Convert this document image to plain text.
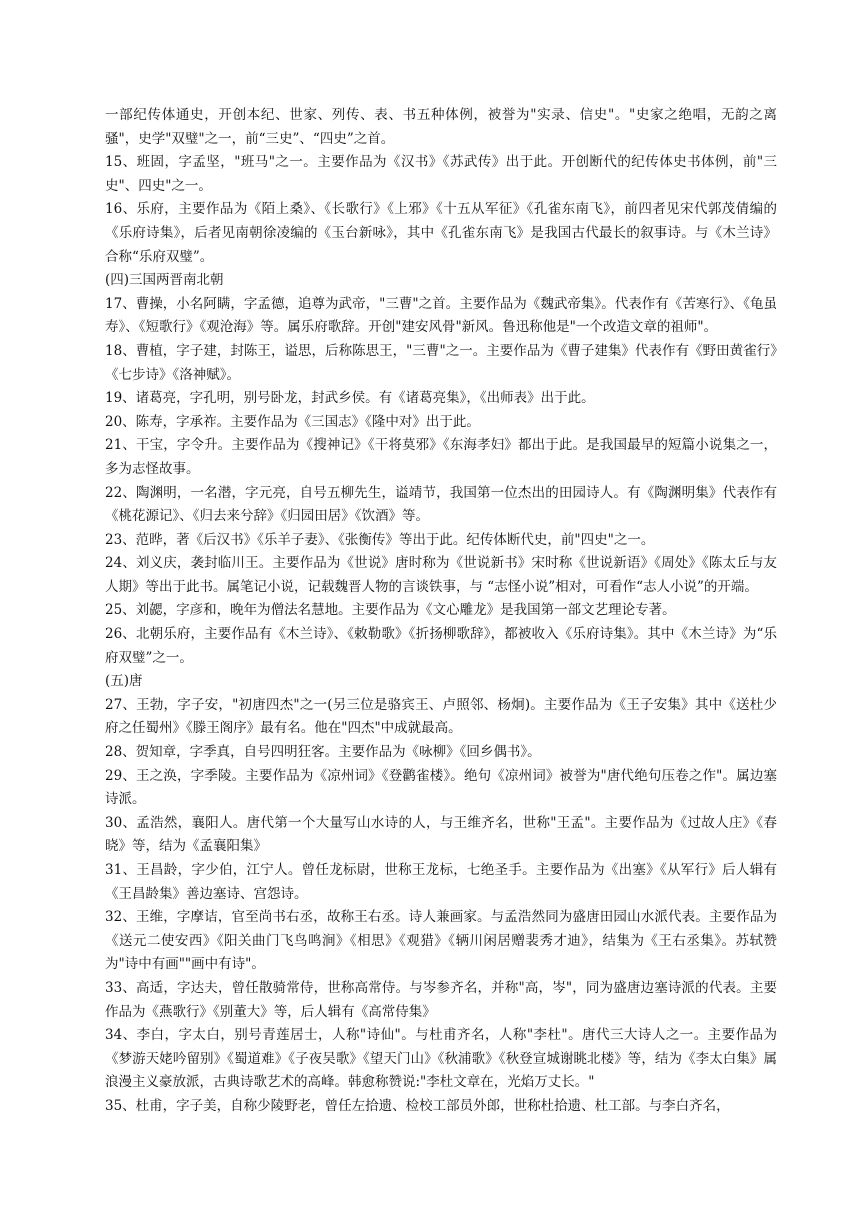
一部纪传体通史，开创本纪、世家、列传、表、书五种体例，被誉为"实录、信史"。"史家之绝唱，无韵之离骚"，史学"双璧"之一，前“三史”、“四史”之首。

15、班固，字孟坚，"班马"之一。主要作品为《汉书》《苏武传》出于此。开创断代的纪传体史书体例，前"三史"、四史"之一。

16、乐府，主要作品为《陌上桑》、《长歌行》《上邪》《十五从军征》《孔雀东南飞》，前四者见宋代郭茂倩编的《乐府诗集》，后者见南朝徐凌编的《玉台新咏》，其中《孔雀东南飞》是我国古代最长的叙事诗。与《木兰诗》合称“乐府双璧”。

(四)三国两晋南北朝

17、曹操，小名阿瞒，字孟德，追尊为武帝，"三曹"之首。主要作品为《魏武帝集》。代表作有《苦寒行》、《龟虽寿》、《短歌行》《观沧海》等。属乐府歌辞。开创"建安风骨"新风。鲁迅称他是"一个改造文章的祖师"。

18、曹植，字子建，封陈王，谥思，后称陈思王，"三曹"之一。主要作品为《曹子建集》代表作有《野田黄雀行》《七步诗》《洛神赋》。

19、诸葛亮，字孔明，别号卧龙，封武乡侯。有《诸葛亮集》，《出师表》出于此。

20、陈寿，字承祚。主要作品为《三国志》《隆中对》出于此。

21、干宝，字令升。主要作品为《搜神记》《干将莫邪》《东海孝妇》都出于此。是我国最早的短篇小说集之一，多为志怪故事。

22、陶渊明，一名潜，字元亮，自号五柳先生，谥靖节，我国第一位杰出的田园诗人。有《陶渊明集》代表作有《桃花源记》、《归去来兮辞》《归园田居》《饮酒》等。

23、范晔，著《后汉书》《乐羊子妻》、《张衡传》等出于此。纪传体断代史，前"四史"之一。

24、刘义庆，袭封临川王。主要作品为《世说》唐时称为《世说新书》宋时称《世说新语》《周处》《陈太丘与友人期》等出于此书。属笔记小说，记载魏晋人物的言谈铁事，与 “志怪小说”相对，可看作“志人小说”的开端。

25、刘勰，字彦和，晚年为僧法名慧地。主要作品为《文心雕龙》是我国第一部文艺理论专著。

26、北朝乐府，主要作品有《木兰诗》、《敕勒歌》《折扬柳歌辞》，都被收入《乐府诗集》。其中《木兰诗》为“乐府双璧”之一。

(五)唐

27、王勃，字子安，"初唐四杰"之一(另三位是骆宾王、卢照邻、杨炯)。主要作品为《王子安集》其中《送杜少府之任蜀州》《滕王阁序》最有名。他在"四杰"中成就最高。

28、贺知章，字季真，自号四明狂客。主要作品为《咏柳》《回乡偶书》。

29、王之涣，字季陵。主要作品为《凉州词》《登鹳雀楼》。绝句《凉州词》被誉为"唐代绝句压卷之作"。属边塞诗派。

30、孟浩然，襄阳人。唐代第一个大量写山水诗的人，与王维齐名，世称"王孟"。主要作品为《过故人庄》《春晓》等，结为《孟襄阳集》

31、王昌龄，字少伯，江宁人。曾任龙标尉，世称王龙标，七绝圣手。主要作品为《出塞》《从军行》后人辑有《王昌龄集》善边塞诗、宫怨诗。

32、王维，字摩诘，官至尚书右丞，故称王右丞。诗人兼画家。与孟浩然同为盛唐田园山水派代表。主要作品为《送元二使安西》《阳关曲门飞鸟鸣涧》《相思》《观猎》《辆川闲居赠裴秀才迪》，结集为《王右丞集》。苏轼赞为"诗中有画""画中有诗"。

33、高适，字达夫，曾任散骑常侍，世称高常侍。与岑参齐名，并称"高，岑"，同为盛唐边塞诗派的代表。主要作品为《燕歌行》《别董大》等，后人辑有《高常侍集》

34、李白，字太白，别号青莲居士，人称"诗仙"。与杜甫齐名，人称"李杜"。唐代三大诗人之一。主要作品为《梦游天姥吟留别》《蜀道难》《子夜吴歌》《望天门山》《秋浦歌》《秋登宣城谢眺北楼》等，结为《李太白集》属浪漫主义豪放派，古典诗歌艺术的高峰。韩愈称赞说:"李杜文章在，光焰万丈长。"

35、杜甫，字子美，自称少陵野老，曾任左拾遗、检校工部员外郎，世称杜拾遗、杜工部。与李白齐名，
